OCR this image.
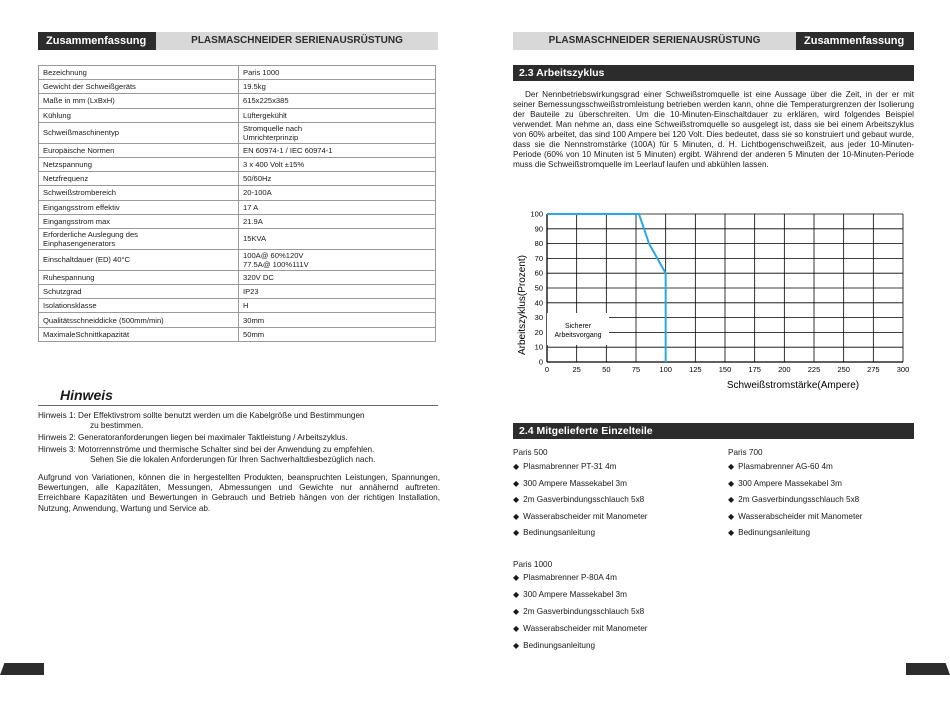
Zusammenfassung	PLASMASCHNEIDER SERIENAUSRÜSTUNG
Bezeichnung	Paris 1000
Gewicht der Schweißgeräts	19.5kg
Maße in mm (LxBxH)	615x225x385
Kühlung	Lüftergekühlt
Schweißmaschinentyp	Stromquelle nach
Umrichterprinzip
Europäische Normen	EN 60974-1 / IEC 60974-1
Netzspannung	3 x 400 Volt ±15%
Netzfrequenz	50/60Hz
Schweißstrombereich	20-100A
Eingangsstrom effektiv	17 A
Eingangsstrom max	21.9A
Erforderliche Auslegung des
Einphasengenerators	15KVA
Einschaltdauer (ED) 40°C	100A@ 60%120V
77.5A@ 100%111V
Ruhespannung	320V DC
Schutzgrad	IP23
Isolationsklasse	H
Qualitätsschneiddicke (500mm/min)	30mm
MaximaleSchnittkapazität	50mm
Hinweis
Hinweis 1: Der Effektivstrom sollte benutzt werden um die Kabelgröße und Bestimmungen
zu bestimmen.
Hinweis 2: Generatoranforderungen liegen bei maximaler Taktleistung / Arbeitszyklus.
Hinweis 3: Motorrennströme und thermische Schalter sind bei der Anwendung zu empfehlen.
Sehen Sie die lokalen Anforderungen für Ihren Sachverhaltdiesbezüglich nach.
Aufgrund von Variationen, können die in hergestellten Produkten, beanspruchten Leistungen, Spannungen, Bewertungen, alle Kapazitäten, Messungen, Abmessungen und Gewichte nur annähernd auftreten. Erreichbare Kapazitäten und Bewertungen in Gebrauch und Betrieb hängen von der richtigen Installation, Nutzung, Anwendung, Wartung und Service ab.
PLASMASCHNEIDER SERIENAUSRÜSTUNG	Zusammenfassung
2.3 Arbeitszyklus
Der Nennbetriebswirkungsgrad einer Schweißstromquelle ist eine Aussage über die Zeit, in der er mit seiner Bemessungsschweißstromleistung betrieben werden kann, ohne die Temperaturgrenzen der Isolierung der Bauteile zu überschreiten. Um die 10-Minuten-Einschaltdauer zu erklären, wird folgendes Beispiel verwendet. Man nehme an, dass eine Schweißstromquelle so ausgelegt ist, dass sie bei einem Arbeitszyklus von 60% arbeitet, das sind 100 Ampere bei 120 Volt. Dies bedeutet, dass sie so konstruiert und gebaut wurde, dass sie die Nennstromstärke (100A) für 5 Minuten, d. H. Lichtbogenschweißzeit, aus jeder 10-Minuten-Periode (60% von 10 Minuten ist 5 Minuten) ergibt. Während der anderen 5 Minuten der 10-Minuten-Periode muss die Schweißstromquelle im Leerlauf laufen und abkühlen lassen.
0	25	50	75	100 125 150 175 200 225 250 275 300
0
10
20
30
40
50
60
70
80
90
100
Sicherer
Arbeitsvorgang
Schweißstromstärke(Ampere)
Arbeitszyklus(Prozent)
2.4 Mitgelieferte Einzelteile
Paris 500
◆ Plasmabrenner PT-31 4m
◆ 300 Ampere Massekabel 3m
◆ 2m Gasverbindungsschlauch 5x8
◆ Wasserabscheider mit Manometer
◆ Bedinungsanleitung
Paris 700
◆ Plasmabrenner AG-60 4m
◆ 300 Ampere Massekabel 3m
◆ 2m Gasverbindungsschlauch 5x8
◆ Wasserabscheider mit Manometer
◆ Bedinungsanleitung
Paris 1000
◆ Plasmabrenner P-80A 4m
◆ 300 Ampere Massekabel 3m
◆ 2m Gasverbindungsschlauch 5x8
◆ Wasserabscheider mit Manometer
◆ Bedinungsanleitung
